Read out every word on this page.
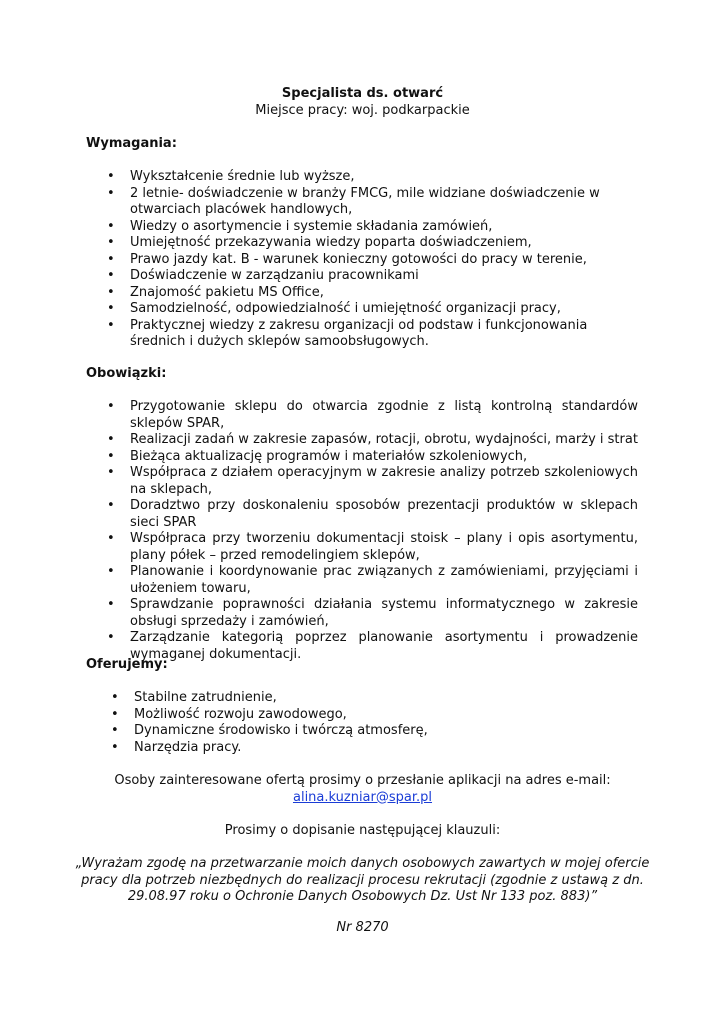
Specjalista ds. otwarć

Miejsce pracy: woj. podkarpackie

Wymagania:

• Wykształcenie średnie lub wyższe,
• 2 letnie- doświadczenie w branży FMCG, mile widziane doświadczenie w otwarciach placówek handlowych,
• Wiedzy o asortymencie i systemie składania zamówień,
• Umiejętność przekazywania wiedzy poparta doświadczeniem,
• Prawo jazdy kat. B - warunek konieczny gotowości do pracy w terenie,
• Doświadczenie w zarządzaniu pracownikami
• Znajomość pakietu MS Office,
• Samodzielność, odpowiedzialność i umiejętność organizacji pracy,
• Praktycznej wiedzy z zakresu organizacji od podstaw i funkcjonowania średnich i dużych sklepów samoobsługowych.

Obowiązki:

• Przygotowanie sklepu do otwarcia zgodnie z listą kontrolną standardów sklepów SPAR,
• Realizacji zadań w zakresie zapasów, rotacji, obrotu, wydajności, marży i strat
• Bieżąca aktualizację programów i materiałów szkoleniowych,
• Współpraca z działem operacyjnym w zakresie analizy potrzeb szkoleniowych na sklepach,
• Doradztwo przy doskonaleniu sposobów prezentacji produktów w sklepach sieci SPAR
• Współpraca przy tworzeniu dokumentacji stoisk – plany i opis asortymentu, plany półek – przed remodelingiem sklepów,
• Planowanie i koordynowanie prac związanych z zamówieniami, przyjęciami i ułożeniem towaru,
• Sprawdzanie poprawności działania systemu informatycznego w zakresie obsługi sprzedaży i zamówień,
• Zarządzanie kategorią poprzez planowanie asortymentu i prowadzenie wymaganej dokumentacji.

Oferujemy:

• Stabilne zatrudnienie,
• Możliwość rozwoju zawodowego,
• Dynamiczne środowisko i twórczą atmosferę,
• Narzędzia pracy.
Osoby zainteresowane ofertą prosimy o przesłanie aplikacji na adres e-mail:
alina.kuzniar@spar.pl
Prosimy o dopisanie następującej klauzuli:
„Wyrażam zgodę na przetwarzanie moich danych osobowych zawartych w mojej ofercie
pracy dla potrzeb niezbędnych do realizacji procesu rekrutacji (zgodnie z ustawą z dn.
29.08.97 roku o Ochronie Danych Osobowych Dz. Ust Nr 133 poz. 883)”
Nr 8270
